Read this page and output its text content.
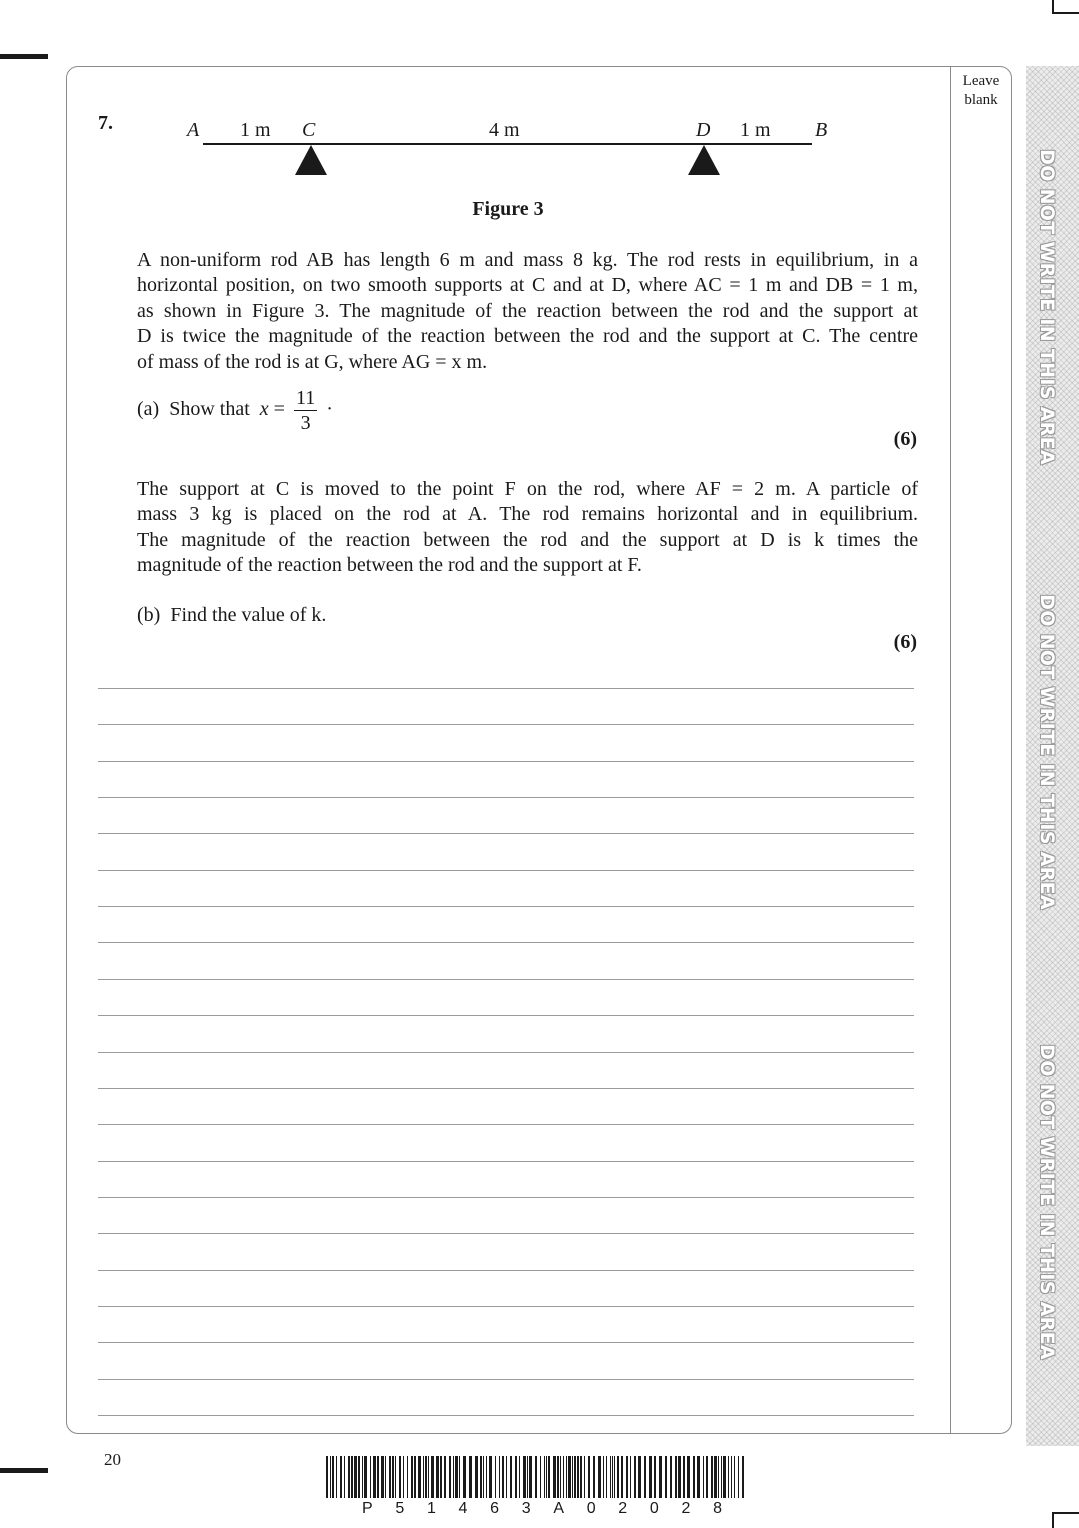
DO NOT WRITE IN THIS AREA
DO NOT WRITE IN THIS AREA
DO NOT WRITE IN THIS AREA
Leave
blank
7.	A 1 m C	4 m	D 1 m B
Figure 3
A non-uniform rod AB has length 6 m and mass 8 kg. The rod rests in equilibrium, in a
horizontal position, on two smooth supports at C and at D, where AC = 1 m and DB = 1 m,
as shown in Figure 3. The magnitude of the reaction between the rod and the support at
D is twice the magnitude of the reaction between the rod and the support at C. The centre
of mass of the rod is at G, where AG = x m.
(a) Show that $x = \frac{11}{3}$ ·
(6)
The support at C is moved to the point F on the rod, where AF = 2 m. A particle of
mass 3 kg is placed on the rod at A. The rod remains horizontal and in equilibrium.
The magnitude of the reaction between the rod and the support at D is k times the
magnitude of the reaction between the rod and the support at F.
(b) Find the value of k.
(6)
20
P 5 1 4 6 3 A 0 2 0 2 8
